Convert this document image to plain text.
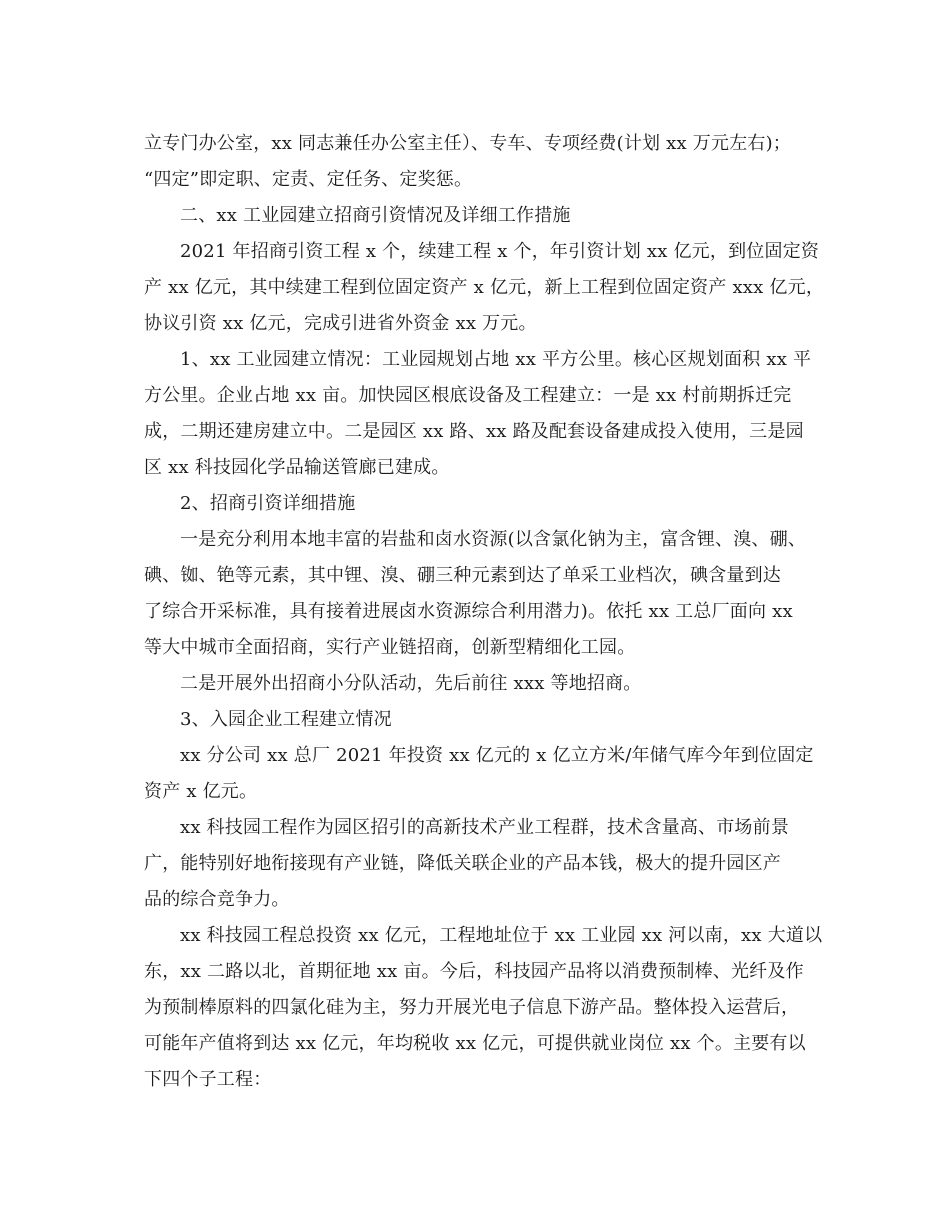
立专门办公室，xx 同志兼任办公室主任）、专车、专项经费(计划 xx 万元左右)；
“四定”即定职、定责、定任务、定奖惩。
二、xx 工业园建立招商引资情况及详细工作措施
2021 年招商引资工程 x 个，续建工程 x 个，年引资计划 xx 亿元，到位固定资
产 xx 亿元，其中续建工程到位固定资产 x 亿元，新上工程到位固定资产 xxx 亿元，
协议引资 xx 亿元，完成引进省外资金 xx 万元。
1、xx 工业园建立情况：工业园规划占地 xx 平方公里。核心区规划面积 xx 平
方公里。企业占地 xx 亩。加快园区根底设备及工程建立：一是 xx 村前期拆迁完
成，二期还建房建立中。二是园区 xx 路、xx 路及配套设备建成投入使用，三是园
区 xx 科技园化学品输送管廊已建成。
2、招商引资详细措施
一是充分利用本地丰富的岩盐和卤水资源(以含氯化钠为主，富含锂、溴、硼、
碘、铷、铯等元素，其中锂、溴、硼三种元素到达了单采工业档次，碘含量到达
了综合开采标准，具有接着进展卤水资源综合利用潜力)。依托 xx 工总厂面向 xx
等大中城市全面招商，实行产业链招商，创新型精细化工园。
二是开展外出招商小分队活动，先后前往 xxx 等地招商。
3、入园企业工程建立情况
xx 分公司 xx 总厂 2021 年投资 xx 亿元的 x 亿立方米/年储气库今年到位固定
资产 x 亿元。
xx 科技园工程作为园区招引的高新技术产业工程群，技术含量高、市场前景
广，能特别好地衔接现有产业链，降低关联企业的产品本钱，极大的提升园区产
品的综合竞争力。
xx 科技园工程总投资 xx 亿元，工程地址位于 xx 工业园 xx 河以南，xx 大道以
东，xx 二路以北，首期征地 xx 亩。今后，科技园产品将以消费预制棒、光纤及作
为预制棒原料的四氯化硅为主，努力开展光电子信息下游产品。整体投入运营后，
可能年产值将到达 xx 亿元，年均税收 xx 亿元，可提供就业岗位 xx 个。主要有以
下四个子工程：
